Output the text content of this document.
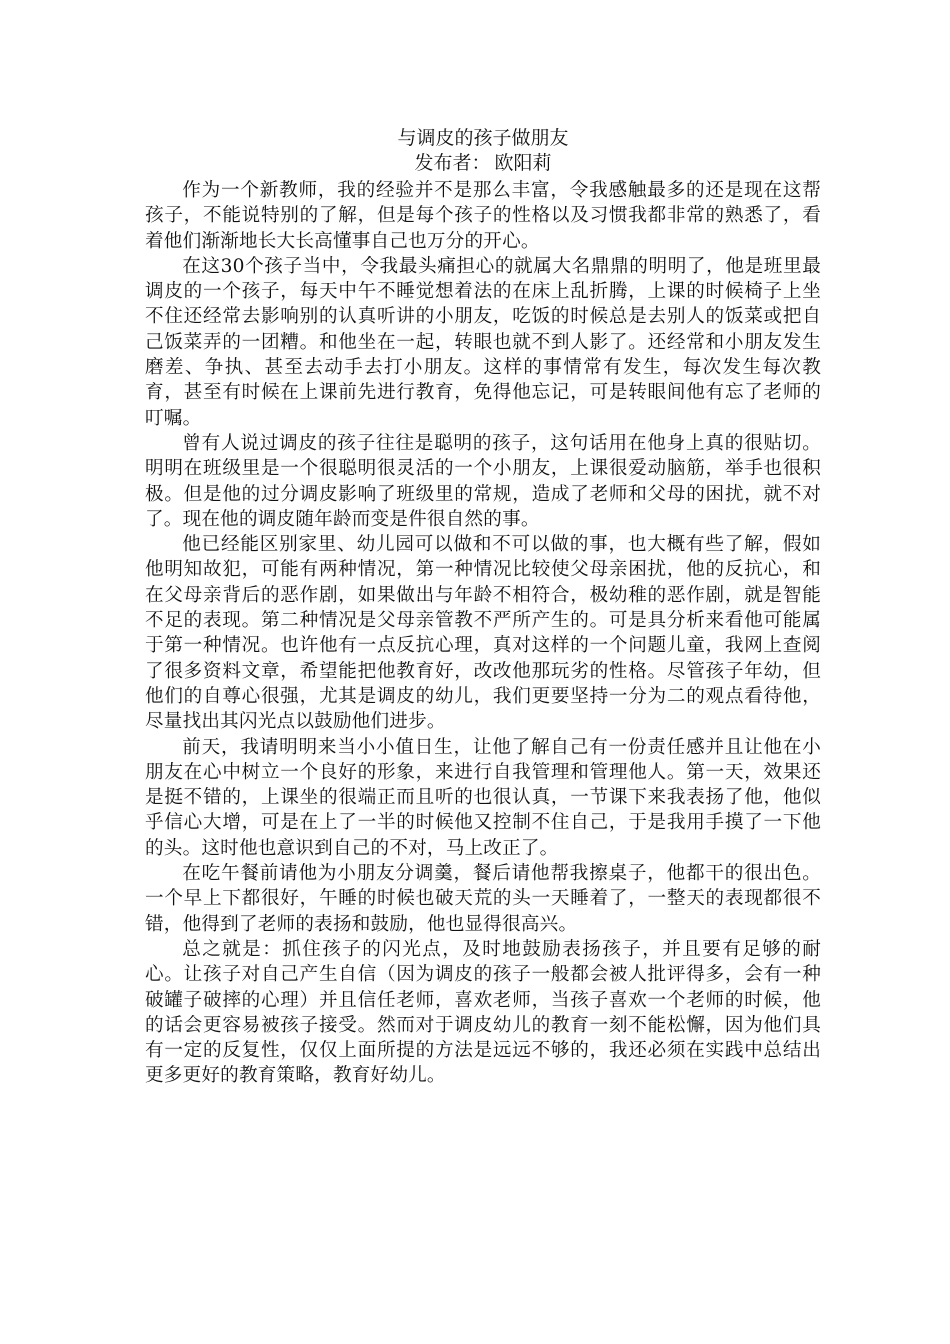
与调皮的孩子做朋友
发布者： 欧阳莉

作为一个新教师，我的经验并不是那么丰富，令我感触最多的还是现在这帮孩子，不能说特别的了解，但是每个孩子的性格以及习惯我都非常的熟悉了，看着他们渐渐地长大长高懂事自己也万分的开心。

在这30个孩子当中，令我最头痛担心的就属大名鼎鼎的明明了，他是班里最调皮的一个孩子，每天中午不睡觉想着法的在床上乱折腾，上课的时候椅子上坐不住还经常去影响别的认真听讲的小朋友，吃饭的时候总是去别人的饭菜或把自己饭菜弄的一团糟。和他坐在一起，转眼也就不到人影了。还经常和小朋友发生磨差、争执、甚至去动手去打小朋友。这样的事情常有发生，每次发生每次教育，甚至有时候在上课前先进行教育，免得他忘记，可是转眼间他有忘了老师的叮嘱。

曾有人说过调皮的孩子往往是聪明的孩子，这句话用在他身上真的很贴切。明明在班级里是一个很聪明很灵活的一个小朋友，上课很爱动脑筋，举手也很积极。但是他的过分调皮影响了班级里的常规，造成了老师和父母的困扰，就不对了。现在他的调皮随年龄而变是件很自然的事。

他已经能区别家里、幼儿园可以做和不可以做的事，也大概有些了解，假如他明知故犯，可能有两种情况，第一种情况比较使父母亲困扰，他的反抗心，和在父母亲背后的恶作剧，如果做出与年龄不相符合，极幼稚的恶作剧，就是智能不足的表现。第二种情况是父母亲管教不严所产生的。可是具分析来看他可能属于第一种情况。也许他有一点反抗心理，真对这样的一个问题儿童，我网上查阅了很多资料文章，希望能把他教育好，改改他那玩劣的性格。尽管孩子年幼，但他们的自尊心很强，尤其是调皮的幼儿，我们更要坚持一分为二的观点看待他，尽量找出其闪光点以鼓励他们进步。

前天，我请明明来当小小值日生，让他了解自己有一份责任感并且让他在小朋友在心中树立一个良好的形象，来进行自我管理和管理他人。第一天，效果还是挺不错的，上课坐的很端正而且听的也很认真，一节课下来我表扬了他，他似乎信心大增，可是在上了一半的时候他又控制不住自己，于是我用手摸了一下他的头。这时他也意识到自己的不对，马上改正了。

在吃午餐前请他为小朋友分调羹，餐后请他帮我擦桌子，他都干的很出色。一个早上下都很好，午睡的时候也破天荒的头一天睡着了，一整天的表现都很不错，他得到了老师的表扬和鼓励，他也显得很高兴。

总之就是：抓住孩子的闪光点，及时地鼓励表扬孩子，并且要有足够的耐心。让孩子对自己产生自信（因为调皮的孩子一般都会被人批评得多，会有一种破罐子破摔的心理）并且信任老师，喜欢老师，当孩子喜欢一个老师的时候，他的话会更容易被孩子接受。然而对于调皮幼儿的教育一刻不能松懈，因为他们具有一定的反复性，仅仅上面所提的方法是远远不够的，我还必须在实践中总结出更多更好的教育策略，教育好幼儿。
